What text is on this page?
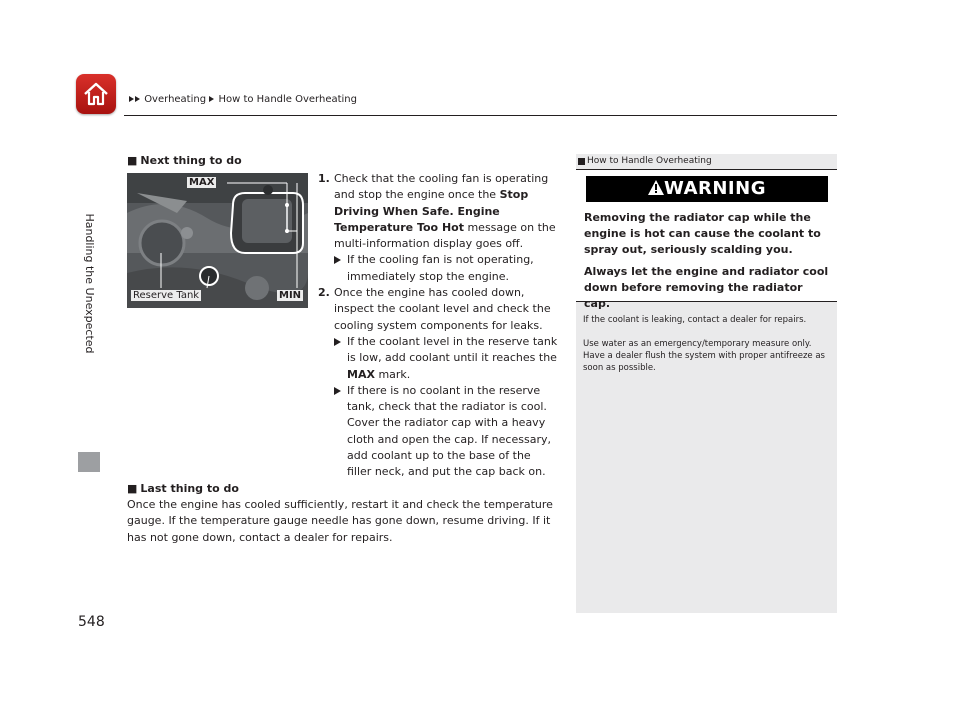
Overheating How to Handle Overheating
Handling the Unexpected
548
■ Next thing to do
MAX
MIN
Reserve Tank
1. Check that the cooling fan is operating and stop the engine once the Stop Driving When Safe. Engine Temperature Too Hot message on the multi-information display goes off.
If the cooling fan is not operating, immediately stop the engine.
2. Once the engine has cooled down, inspect the coolant level and check the cooling system components for leaks.
If the coolant level in the reserve tank is low, add coolant until it reaches the MAX mark.
If there is no coolant in the reserve tank, check that the radiator is cool. Cover the radiator cap with a heavy cloth and open the cap. If necessary, add coolant up to the base of the filler neck, and put the cap back on.
■ Last thing to do
Once the engine has cooled sufficiently, restart it and check the temperature gauge. If the temperature gauge needle has gone down, resume driving. If it has not gone down, contact a dealer for repairs.
How to Handle Overheating
WARNING
Removing the radiator cap while the engine is hot can cause the coolant to spray out, seriously scalding you.
Always let the engine and radiator cool down before removing the radiator cap.
If the coolant is leaking, contact a dealer for repairs.
Use water as an emergency/temporary measure only. Have a dealer flush the system with proper antifreeze as soon as possible.
